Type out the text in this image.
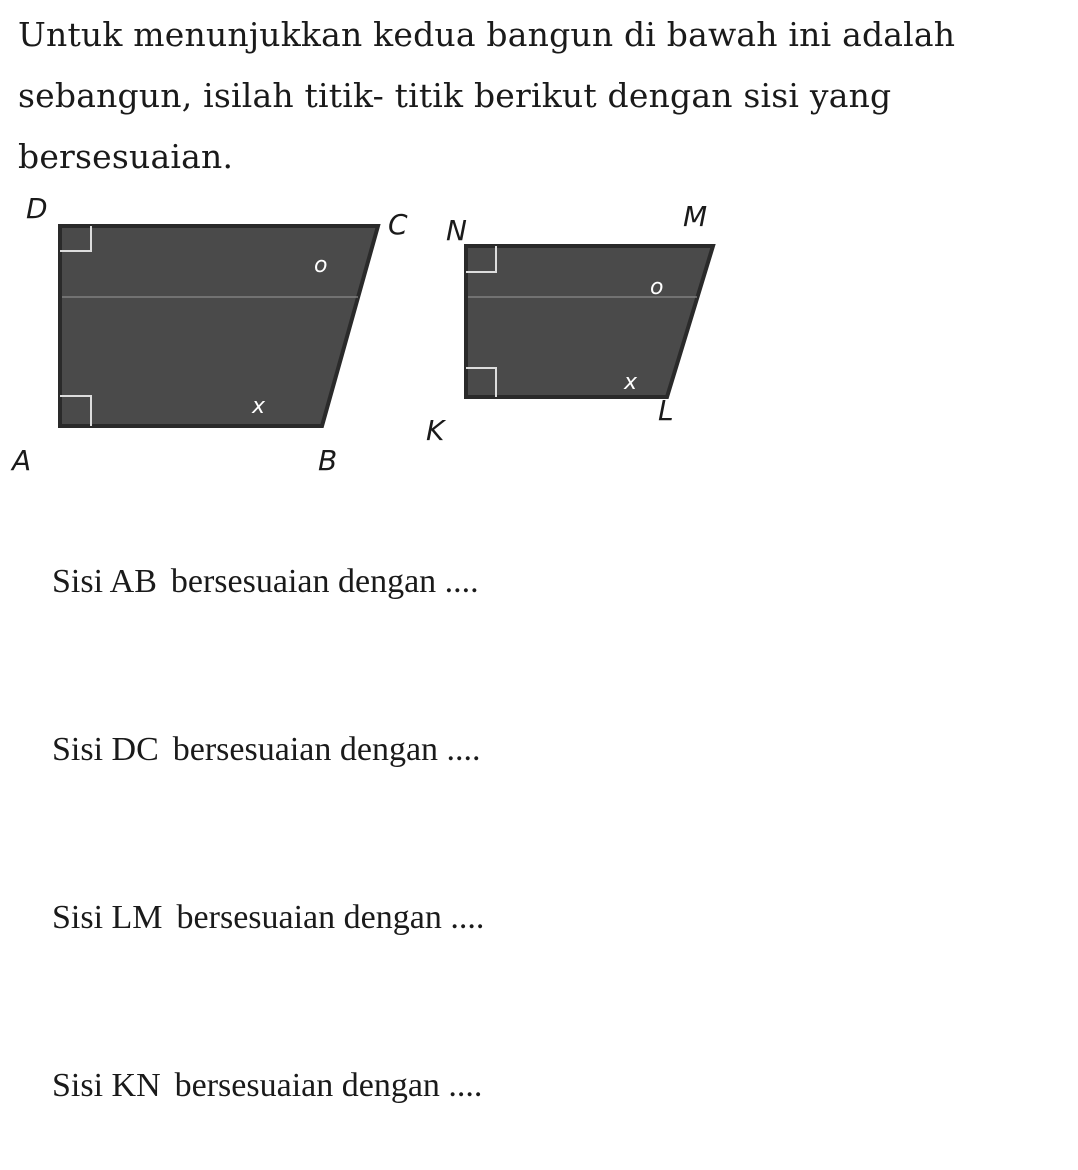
Untuk menunjukkan kedua bangun di bawah ini adalah sebangun, isilah titik- titik berikut dengan sisi yang bersesuaian.
o
x
D	C
A	B
o
x
N	M
K
L

Sisi AB bersesuaian dengan ....

Sisi DC bersesuaian dengan ....

Sisi LM bersesuaian dengan ....

Sisi KN bersesuaian dengan ....
